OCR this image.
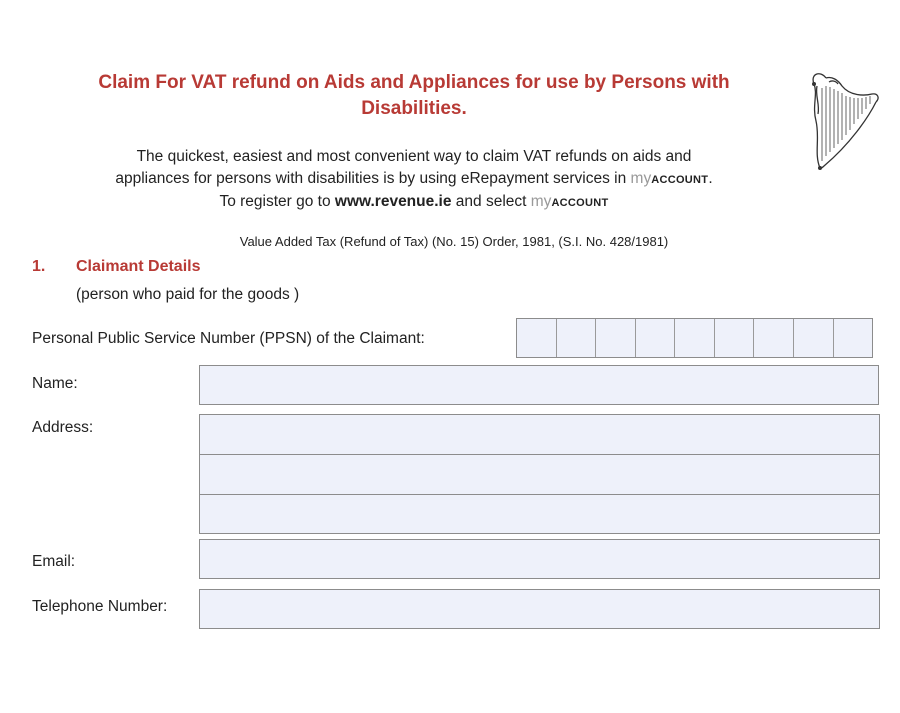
Claim For VAT refund on Aids and Appliances for use by Persons with
Disabilities.
The quickest, easiest and most convenient way to claim VAT refunds on aids and
appliances for persons with disabilities is by using eRepayment services in myACCOUNT.
To register go to www.revenue.ie and select myACCOUNT
Value Added Tax (Refund of Tax) (No. 15) Order, 1981, (S.I. No. 428/1981)
1. Claimant Details
(person who paid for the goods )
Personal Public Service Number (PPSN) of the Claimant:
Name:
Address:
Email:
Telephone Number:
